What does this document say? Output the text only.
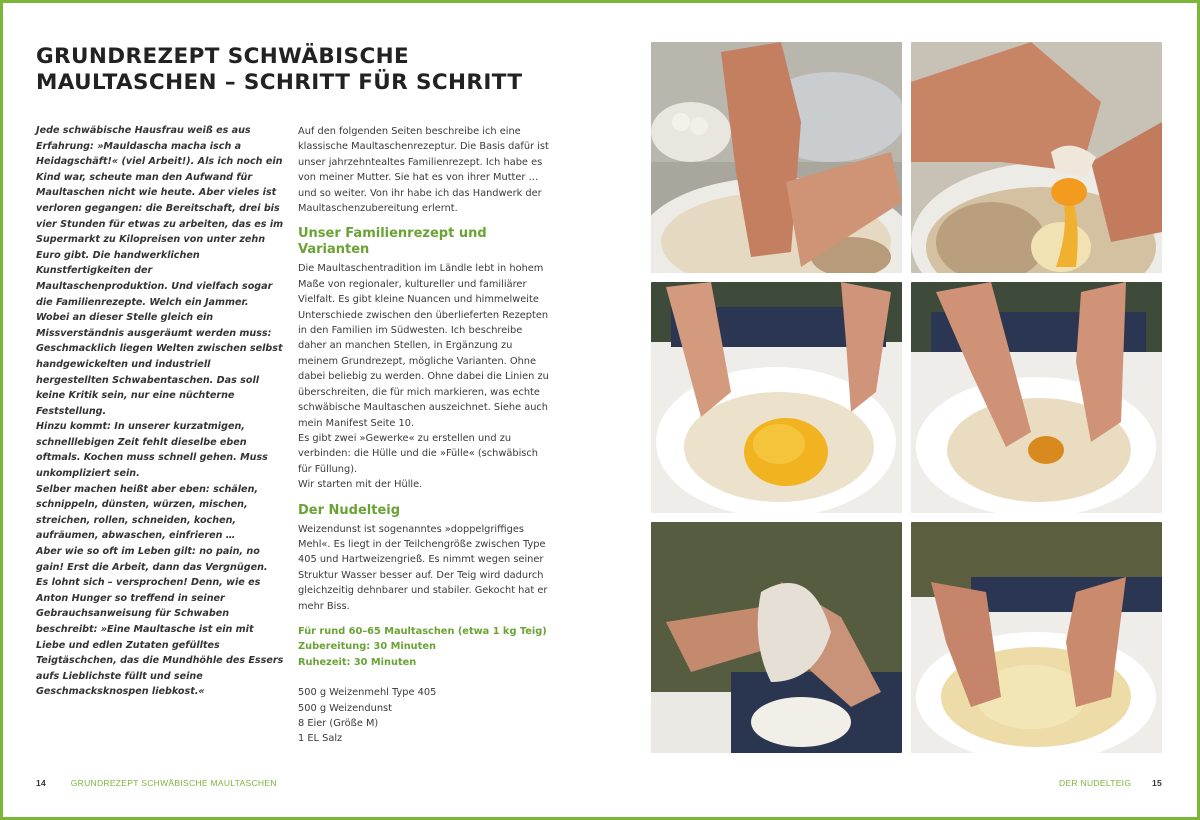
GRUNDREZEPT SCHWÄBISCHE
MAULTASCHEN – SCHRITT FÜR SCHRITT

Jede schwäbische Hausfrau weiß es aus Erfahrung: »Mauldascha macha isch a Heidagschäft!« (viel Arbeit!). Als ich noch ein Kind war, scheute man den Aufwand für Maultaschen nicht wie heute. Aber vieles ist verloren gegangen: die Bereitschaft, drei bis vier Stunden für etwas zu arbeiten, das es im Supermarkt zu Kilopreisen von unter zehn Euro gibt. Die handwerklichen Kunstfertigkeiten der Maultaschenproduktion. Und vielfach sogar die Familienrezepte. Welch ein Jammer.

Wobei an dieser Stelle gleich ein Missverständnis ausgeräumt werden muss: Geschmacklich liegen Welten zwischen selbst handgewickelten und industriell hergestellten Schwabentaschen. Das soll keine Kritik sein, nur eine nüchterne Feststellung.

Hinzu kommt: In unserer kurzatmigen, schnelllebigen Zeit fehlt dieselbe eben oftmals. Kochen muss schnell gehen. Muss unkompliziert sein.

Selber machen heißt aber eben: schälen, schnippeln, dünsten, würzen, mischen, streichen, rollen, schneiden, kochen, aufräumen, abwaschen, einfrieren …

Aber wie so oft im Leben gilt: no pain, no gain! Erst die Arbeit, dann das Vergnügen.

Es lohnt sich – versprochen! Denn, wie es Anton Hunger so treffend in seiner Gebrauchsanweisung für Schwaben beschreibt: »Eine Maultasche ist ein mit Liebe und edlen Zutaten gefülltes Teigtäschchen, das die Mundhöhle des Essers aufs Lieblichste füllt und seine Geschmacksknospen liebkost.«

Auf den folgenden Seiten beschreibe ich eine klassische Maultaschenrezeptur. Die Basis dafür ist unser jahrzehntealtes Familienrezept. Ich habe es von meiner Mutter. Sie hat es von ihrer Mutter … und so weiter. Von ihr habe ich das Handwerk der Maultaschenzubereitung erlernt.

Unser Familienrezept und Varianten

Die Maultaschentradition im Ländle lebt in hohem Maße von regionaler, kultureller und familiärer Vielfalt. Es gibt kleine Nuancen und himmelweite Unterschiede zwischen den überlieferten Rezepten in den Familien im Südwesten. Ich beschreibe daher an manchen Stellen, in Ergänzung zu meinem Grundrezept, mögliche Varianten. Ohne dabei beliebig zu werden. Ohne dabei die Linien zu überschreiten, die für mich markieren, was echte schwäbische Maultaschen auszeichnet. Siehe auch mein Manifest Seite 10.

Es gibt zwei »Gewerke« zu erstellen und zu verbinden: die Hülle und die »Fülle« (schwäbisch für Füllung).

Wir starten mit der Hülle.

Der Nudelteig

Weizendunst ist sogenanntes »doppelgriffiges Mehl«. Es liegt in der Teilchengröße zwischen Type 405 und Hartweizengrieß. Es nimmt wegen seiner Struktur Wasser besser auf. Der Teig wird dadurch gleichzeitig dehnbarer und stabiler. Gekocht hat er mehr Biss.

Für rund 60–65 Maultaschen (etwa 1 kg Teig)

Zubereitung: 30 Minuten

Ruhezeit: 30 Minuten

500 g Weizenmehl Type 405

500 g Weizendunst

8 Eier (Größe M)

1 EL Salz

14	GRUNDREZEPT SCHWÄBISCHE MAULTASCHEN	DER NUDELTEIG 15
